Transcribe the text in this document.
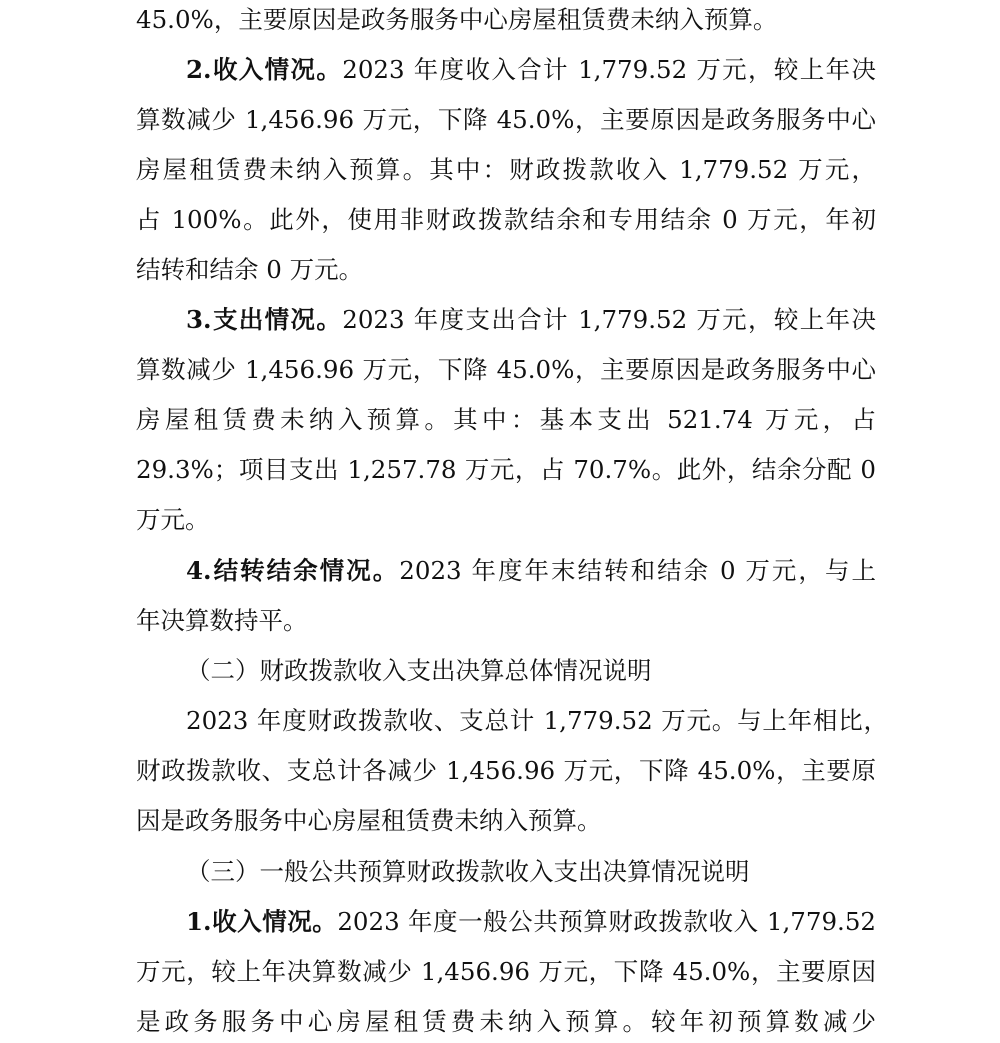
45.0%，主要原因是政务服务中心房屋租赁费未纳入预算。
2.收入情况。2023 年度收入合计 1,779.52 万元，较上年决
算数减少 1,456.96 万元，下降 45.0%，主要原因是政务服务中心
房屋租赁费未纳入预算。其中：财政拨款收入 1,779.52 万元，
占 100%。此外，使用非财政拨款结余和专用结余 0 万元，年初
结转和结余 0 万元。
3.支出情况。2023 年度支出合计 1,779.52 万元，较上年决
算数减少 1,456.96 万元，下降 45.0%，主要原因是政务服务中心
房屋租赁费未纳入预算。其中：基本支出 521.74 万元，占
29.3%；项目支出 1,257.78 万元，占 70.7%。此外，结余分配 0
万元。
4.结转结余情况。2023 年度年末结转和结余 0 万元，与上
年决算数持平。
（二）财政拨款收入支出决算总体情况说明
2023 年度财政拨款收、支总计 1,779.52 万元。与上年相比，
财政拨款收、支总计各减少 1,456.96 万元，下降 45.0%，主要原
因是政务服务中心房屋租赁费未纳入预算。
（三）一般公共预算财政拨款收入支出决算情况说明
1.收入情况。2023 年度一般公共预算财政拨款收入 1,779.52
万元，较上年决算数减少 1,456.96 万元，下降 45.0%，主要原因
是政务服务中心房屋租赁费未纳入预算。较年初预算数减少
